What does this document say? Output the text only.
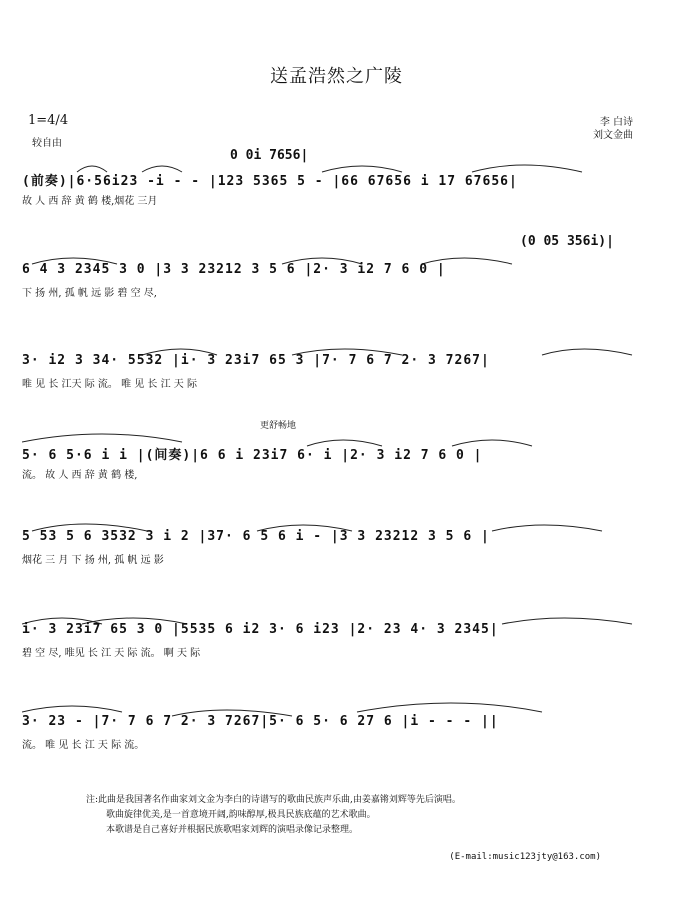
送孟浩然之广陵
1=4/4
较自由
李 白诗
刘文金曲
0 0i 7656|
(前奏)|6·56i23 -i - - |123 5365 5 - |66 67656 i 17 67656|
故 人 西 辞 黄 鹤 楼,烟花 三月
(0 05 356i)|
6 4 3 2345 3 0 |3 3 23212 3 5 6 |2· 3 i2 7 6 0 |
下 扬 州, 孤 帆 远 影 碧 空 尽,
3· i2 3 34· 5532 |i· 3 23i7 65 3 |7· 7 6 7 2· 3 7267|
唯 见 长 江天 际 流。 唯 见 长 江 天 际
更舒畅地
5· 6 5·6 i i |(间奏)|6 6 i 23i7 6· i |2· 3 i2 7 6 0 |
流。 故 人 西 辞 黄 鹤 楼,
5 53 5 6 3532 3 i 2 |37· 6 5 6 i - |3 3 23212 3 5 6 |
烟花 三 月 下 扬 州, 孤 帆 远 影
i· 3 23i7 65 3 0 |5535 6 i2 3· 6 i23 |2· 23 4· 3 2345|
碧 空 尽, 唯见 长 江 天 际 流。 啊 天 际
3· 23 - |7· 7 6 7 2· 3 7267|5· 6 5· 6 27 6 |i - - - ||
流。 唯 见 长 江 天 际 流。
注:此曲是我国著名作曲家刘文金为李白的诗谱写的歌曲民族声乐曲,由姜嘉锵刘辉等先后演唱。
歌曲旋律优美,是一首意境开阔,韵味醇厚,极具民族底蕴的艺术歌曲。
本歌谱是自己喜好并根据民族歌唱家刘辉的演唱录像记录整理。
(E-mail:music123jty@163.com)
